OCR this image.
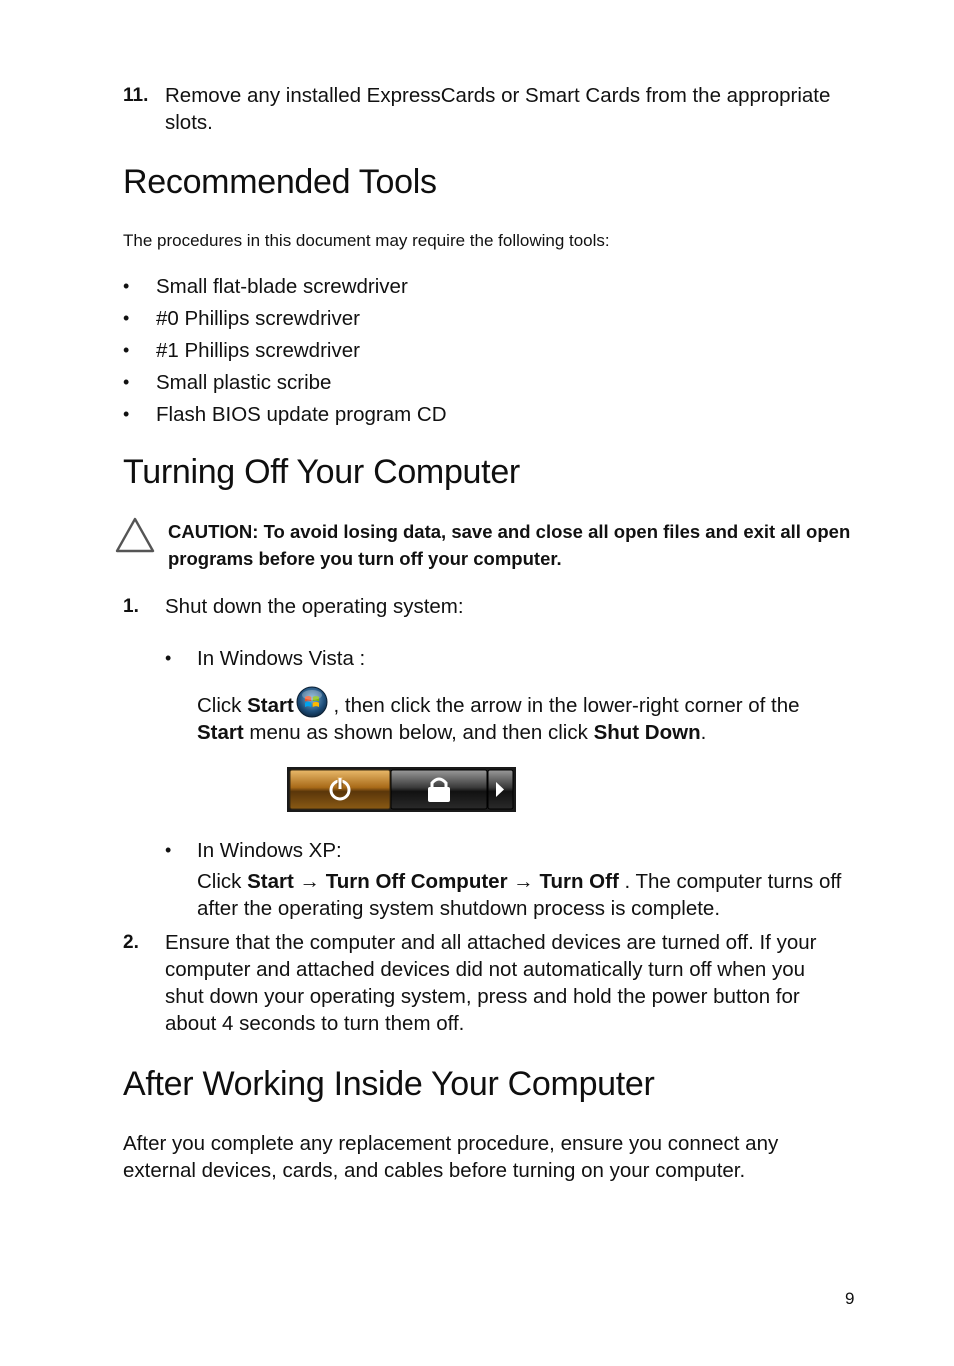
11. Remove any installed ExpressCards or Smart Cards from the appropriate
slots.
Recommended Tools
The procedures in this document may require the following tools:
• Small flat-blade screwdriver
• #0 Phillips screwdriver
• #1 Phillips screwdriver
• Small plastic scribe
• Flash BIOS update program CD
Turning Off Your Computer
CAUTION: To avoid losing data, save and close all open files and exit all open
programs before you turn off your computer.
1. Shut down the operating system:
• In Windows Vista :
Click Start , then click the arrow in the lower-right corner of the
Start menu as shown below, and then click Shut Down.
• In Windows XP:
Click Start → Turn Off Computer → Turn Off . The computer turns off
after the operating system shutdown process is complete.
2. Ensure that the computer and all attached devices are turned off. If your
computer and attached devices did not automatically turn off when you
shut down your operating system, press and hold the power button for
about 4 seconds to turn them off.
After Working Inside Your Computer
After you complete any replacement procedure, ensure you connect any
external devices, cards, and cables before turning on your computer.
9
